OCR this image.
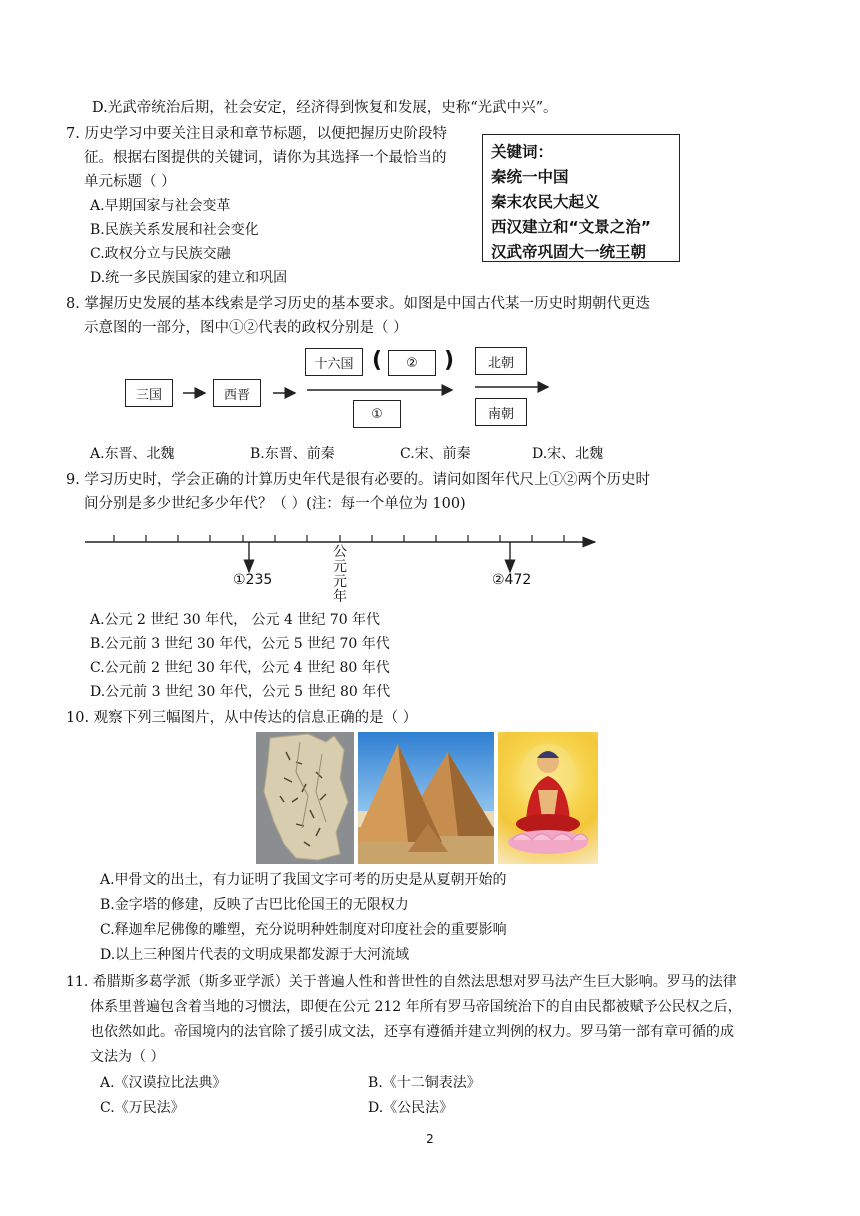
D.光武帝统治后期，社会安定，经济得到恢复和发展，史称“光武中兴”。
7. 历史学习中要关注目录和章节标题，以便把握历史阶段特
征。根据右图提供的关键词，请你为其选择一个最恰当的
单元标题（ ）
A.早期国家与社会变革
B.民族关系发展和社会变化
C.政权分立与民族交融
D.统一多民族国家的建立和巩固
关键词：
秦统一中国
秦末农民大起义
西汉建立和“文景之治”
汉武帝巩固大一统王朝
8. 掌握历史发展的基本线索是学习历史的基本要求。如图是中国古代某一历史时期朝代更迭
示意图的一部分，图中①②代表的政权分别是（ ）
三国	西晋
十六国 (	②	)
①
北朝
南朝
A.东晋、北魏	B.东晋、前秦	C.宋、前秦	D.宋、北魏
9. 学习历史时，学会正确的计算历史年代是很有必要的。请问如图年代尺上①②两个历史时
间分别是多少世纪多少年代？（ ）(注：每一个单位为 100)
①235	②472
公
元
元
年
A.公元 2 世纪 30 年代， 公元 4 世纪 70 年代
B.公元前 3 世纪 30 年代，公元 5 世纪 70 年代
C.公元前 2 世纪 30 年代，公元 4 世纪 80 年代
D.公元前 3 世纪 30 年代，公元 5 世纪 80 年代
10. 观察下列三幅图片，从中传达的信息正确的是（ ）
A.甲骨文的出土，有力证明了我国文字可考的历史是从夏朝开始的
B.金字塔的修建，反映了古巴比伦国王的无限权力
C.释迦牟尼佛像的雕塑，充分说明种姓制度对印度社会的重要影响
D.以上三种图片代表的文明成果都发源于大河流域
11. 希腊斯多葛学派（斯多亚学派）关于普遍人性和普世性的自然法思想对罗马法产生巨大影响。罗马的法律
体系里普遍包含着当地的习惯法，即便在公元 212 年所有罗马帝国统治下的自由民都被赋予公民权之后，
也依然如此。帝国境内的法官除了援引成文法，还享有遵循并建立判例的权力。罗马第一部有章可循的成
文法为（ ）
A.《汉谟拉比法典》	B.《十二铜表法》
C.《万民法》	D.《公民法》
2
